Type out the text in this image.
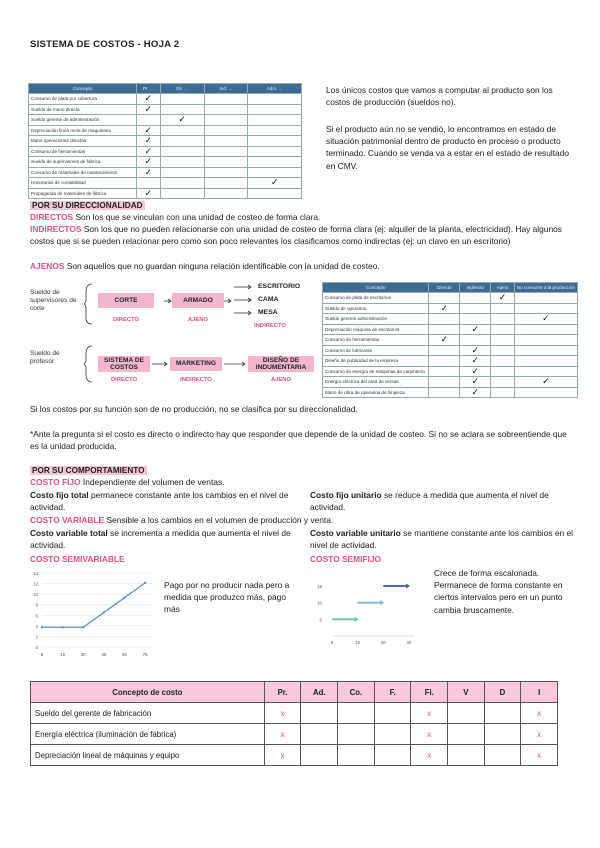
SISTEMA DE COSTOS - HOJA 2
Concepto	Pr. ...	Dir. ...	Ind. ...	Adm. ...
Consumo de plata por cobertura	✓			
Sueldo de mano directa	✓			
Sueldo gerente de administración		✓		
Depreciación línea recta de maquinaria	✓			
Mano operaciones directas	✓			
Consumo de herramientas	✓			
Sueldo de supervisores de fábrica	✓			
Consumo de materiales de mantenimiento	✓			
Honorarios de contabilidad				✓
Propaganda de materiales de fábrica	✓			
Los únicos costos que vamos a computar al producto son los costos de producción (sueldos no).
Si el producto aún no se vendió, lo encontramos en estado de situación patrimonial dentro de producto en proceso o producto terminado. Cuando se venda va a estar en el estado de resultado en CMV.
POR SU DIRECCIONALIDAD
DIRECTOS Son los que se vinculan con una unidad de costeo de forma clara.
INDIRECTOS Son los que no pueden relacionarse con una unidad de costeo de forma clara (ej: alquiler de la planta, electricidad). Hay algunos costos que si se pueden relacionar pero como son poco relevantes los clasificamos como indirectas (ej: un clavo en un escritorio)
AJENOS Son aquellos que no guardan ninguna relación identificable con la unidad de costeo.
Sueldo de supervisores de corte
CORTE	ARMADO
DIRECTO	AJENO
ESCRITORIO
CAMA
MESA
INDIRECTO
Sueldo de profesor	SISTEMA DE COSTOS
MARKETING
DISEÑO DE INDUMENTARIA
DIRECTO	INDIRECTO	AJENO
Concepto	Directo	Indirecto	Ajeno	No consume a la producción
Consumo de plata de escritorios			✓	
Sueldo de operarios	✓			
Sueldo gerente administración				✓
Depreciación máquina de escritorios		✓		
Consumo de herramientas	✓			
Consumo de lubricante		✓		
Diseño de publicidad de la empresa		✓		
Consumo de energía de máquinas de carpintería		✓		
Energía eléctrica del área de ventas		✓		✓
Mano de obra de operarios de limpieza		✓		
Si los costos por su función son de no producción, no se clasifica por su direccionalidad.
*Ante la pregunta si el costo es directo o indirecto hay que responder que depende de la unidad de costeo. Si no se aclara se sobreentiende que es la unidad producida.
POR SU COMPORTAMIENTO
COSTO FIJO Independiente del volumen de ventas.
Costo fijo total permanece constante ante los cambios en el nivel de actividad.
Costo fijo unitario se reduce a medida que aumenta el nivel de actividad.
COSTO VARIABLE Sensible a los cambios en el volumen de producción y venta.
Costo variable total se incrementa a medida que aumenta el nivel de actividad.
Costo variable unitario se mantiene constante ante los cambios en el nivel de actividad.
COSTO SEMIVARIABLE	COSTO SEMIFIJO
14
12
10
8
6
4
2
0
0	15	30	45	60	75
Pago por no producir nada pero a medida que produzco más, pago más
15
10
5
0	10	20	30
Crece de forma escalonada. Permanece de forma constante en ciertos intervalos pero en un punto cambia bruscamente.
Concepto de costo	Pr.	Ad.	Co.	F.	Fi.	V	D	I
Sueldo del gerente de fabricación	x				x			x
Energía eléctrica (iluminación de fábrica)	x				x			x
Depreciación lineal de máquinas y equipo	x				x			x
